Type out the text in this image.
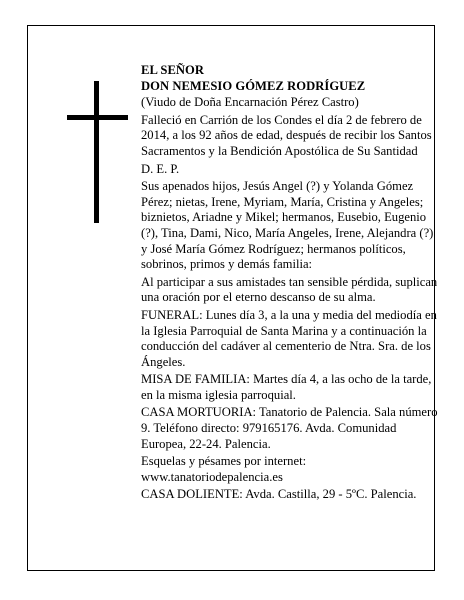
EL SEÑOR

DON NEMESIO GÓMEZ RODRÍGUEZ

(Viudo de Doña Encarnación Pérez Castro)

Falleció en Carrión de los Condes el día 2 de febrero de 2014, a los 92 años de edad, después de recibir los Santos Sacramentos y la Bendición Apostólica de Su Santidad

D. E. P.

Sus apenados hijos, Jesús Angel (?) y Yolanda Gómez Pérez; nietas, Irene, Myriam, María, Cristina y Angeles; biznietos, Ariadne y Mikel; hermanos, Eusebio, Eugenio (?), Tina, Dami, Nico, María Angeles, Irene, Alejandra (?) y José María Gómez Rodríguez; hermanos políticos, sobrinos, primos y demás familia:

Al participar a sus amistades tan sensible pérdida, suplican una oración por el eterno descanso de su alma.

FUNERAL: Lunes día 3, a la una y media del mediodía en la Iglesia Parroquial de Santa Marina y a continuación la conducción del cadáver al cementerio de Ntra. Sra. de los Ángeles.

MISA DE FAMILIA: Martes día 4, a las ocho de la tarde, en la misma iglesia parroquial.

CASA MORTUORIA: Tanatorio de Palencia. Sala número 9. Teléfono directo: 979165176. Avda. Comunidad Europea, 22-24. Palencia.

Esquelas y pésames por internet: www.tanatoriodepalencia.es

CASA DOLIENTE: Avda. Castilla, 29 - 5ºC. Palencia.
